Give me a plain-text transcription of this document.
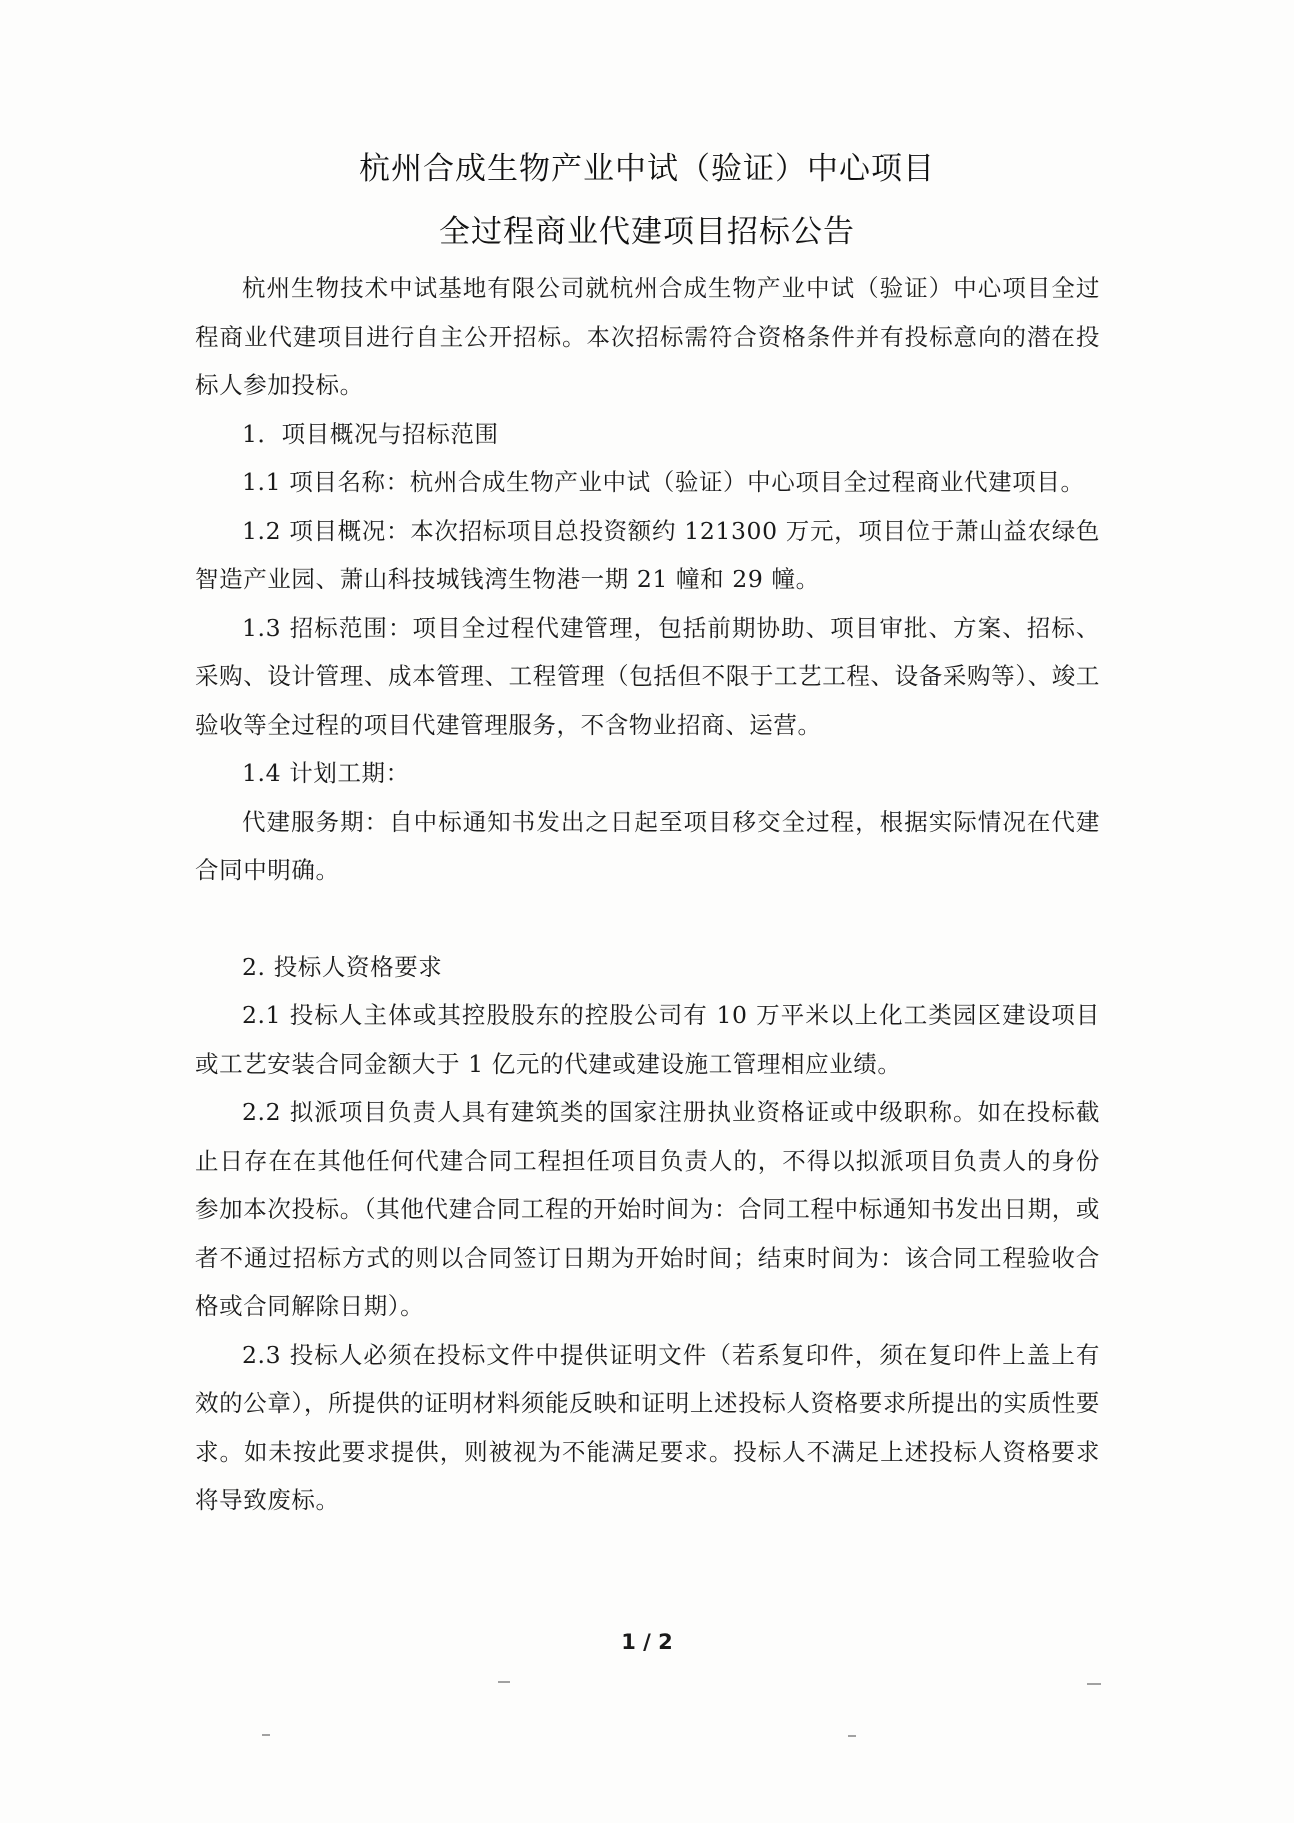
杭州合成生物产业中试（验证）中心项目
全过程商业代建项目招标公告

杭州生物技术中试基地有限公司就杭州合成生物产业中试（验证）中心项目全过程商业代建项目进行自主公开招标。本次招标需符合资格条件并有投标意向的潜在投标人参加投标。

1．项目概况与招标范围

1.1 项目名称：杭州合成生物产业中试（验证）中心项目全过程商业代建项目。

1.2 项目概况：本次招标项目总投资额约 121300 万元，项目位于萧山益农绿色智造产业园、萧山科技城钱湾生物港一期 21 幢和 29 幢。

1.3 招标范围：项目全过程代建管理，包括前期协助、项目审批、方案、招标、采购、设计管理、成本管理、工程管理（包括但不限于工艺工程、设备采购等）、竣工验收等全过程的项目代建管理服务，不含物业招商、运营。

1.4 计划工期：

代建服务期：自中标通知书发出之日起至项目移交全过程，根据实际情况在代建合同中明确。

2. 投标人资格要求

2.1 投标人主体或其控股股东的控股公司有 10 万平米以上化工类园区建设项目或工艺安装合同金额大于 1 亿元的代建或建设施工管理相应业绩。

2.2 拟派项目负责人具有建筑类的国家注册执业资格证或中级职称。如在投标截止日存在在其他任何代建合同工程担任项目负责人的，不得以拟派项目负责人的身份参加本次投标。（其他代建合同工程的开始时间为：合同工程中标通知书发出日期，或者不通过招标方式的则以合同签订日期为开始时间；结束时间为：该合同工程验收合格或合同解除日期）。

2.3 投标人必须在投标文件中提供证明文件（若系复印件，须在复印件上盖上有效的公章），所提供的证明材料须能反映和证明上述投标人资格要求所提出的实质性要求。如未按此要求提供，则被视为不能满足要求。投标人不满足上述投标人资格要求将导致废标。

1 / 2
